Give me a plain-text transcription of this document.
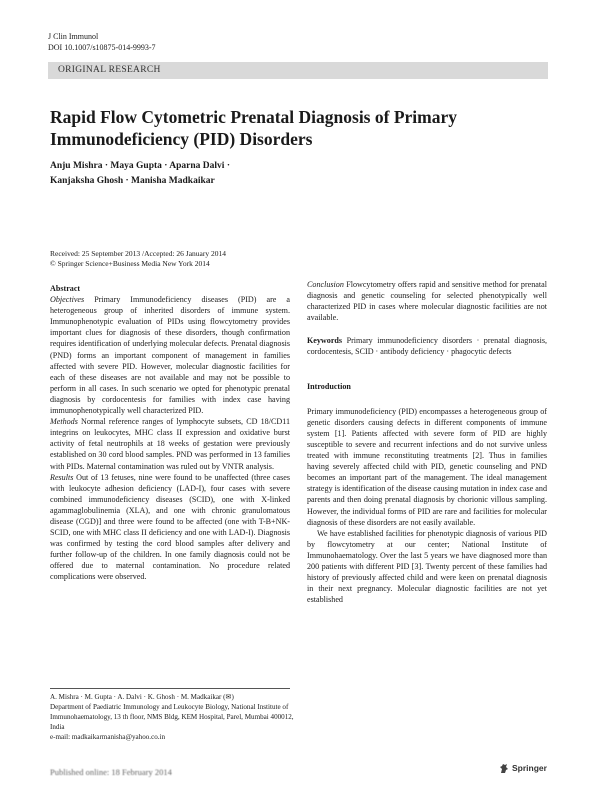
J Clin Immunol
DOI 10.1007/s10875-014-9993-7
ORIGINAL RESEARCH
Rapid Flow Cytometric Prenatal Diagnosis of Primary Immunodeficiency (PID) Disorders
Anju Mishra · Maya Gupta · Aparna Dalvi ·
Kanjaksha Ghosh · Manisha Madkaikar
Received: 25 September 2013 /Accepted: 26 January 2014
© Springer Science+Business Media New York 2014

Abstract

Objectives Primary Immunodeficiency diseases (PID) are a heterogeneous group of inherited disorders of immune system. Immunophenotypic evaluation of PIDs using flowcytometry provides important clues for diagnosis of these disorders, though confirmation requires identification of underlying molecular defects. Prenatal diagnosis (PND) forms an important component of management in families affected with severe PID. However, molecular diagnostic facilities for each of these diseases are not available and may not be possible to perform in all cases. In such scenario we opted for phenotypic prenatal diagnosis by cordocentesis for families with index case having immunophenotypically well characterized PID.

Methods Normal reference ranges of lymphocyte subsets, CD 18/CD11 integrins on leukocytes, MHC class II expression and oxidative burst activity of fetal neutrophils at 18 weeks of gestation were previously established on 30 cord blood samples. PND was performed in 13 families with PIDs. Maternal contamination was ruled out by VNTR analysis.

Results Out of 13 fetuses, nine were found to be unaffected (three cases with leukocyte adhesion deficiency (LAD-I), four cases with severe combined immunodeficiency diseases (SCID), one with X-linked agammaglobulinemia (XLA), and one with chronic granulomatous disease (CGD)] and three were found to be affected (one with T-B+NK-SCID, one with MHC class II deficiency and one with LAD-I). Diagnosis was confirmed by testing the cord blood samples after delivery and further follow-up of the children. In one family diagnosis could not be offered due to maternal contamination. No procedure related complications were observed.

Conclusion Flowcytometry offers rapid and sensitive method for prenatal diagnosis and genetic counseling for selected phenotypically well characterized PID in cases where molecular diagnostic facilities are not available.

Keywords Primary immunodeficiency disorders · prenatal diagnosis, cordocentesis, SCID · antibody deficiency · phagocytic defects

Introduction

Primary immunodeficiency (PID) encompasses a heterogeneous group of genetic disorders causing defects in different components of immune system [1]. Patients affected with severe form of PID are highly susceptible to severe and recurrent infections and do not survive unless treated with immune reconstituting treatments [2]. Thus in families having severely affected child with PID, genetic counseling and PND becomes an important part of the management. The ideal management strategy is identification of the disease causing mutation in index case and parents and then doing prenatal diagnosis by chorionic villous sampling. However, the individual forms of PID are rare and facilities for molecular diagnosis of these disorders are not easily available.

We have established facilities for phenotypic diagnosis of various PID by flowcytometry at our center; National Institute of Immunohaematology. Over the last 5 years we have diagnosed more than 200 patients with different PID [3]. Twenty percent of these families had history of previously affected child and were keen on prenatal diagnosis in their next pregnancy. Molecular diagnostic facilities are not yet established

A. Mishra · M. Gupta · A. Dalvi · K. Ghosh · M. Madkaikar (✉)
Department of Paediatric Immunology and Leukocyte Biology, National Institute of Immunohaematology, 13 th floor, NMS Bldg, KEM Hospital, Parel, Mumbai 400012, India
e-mail: madkaikarmanisha@yahoo.co.in
Published online: 18 February 2014	Springer
